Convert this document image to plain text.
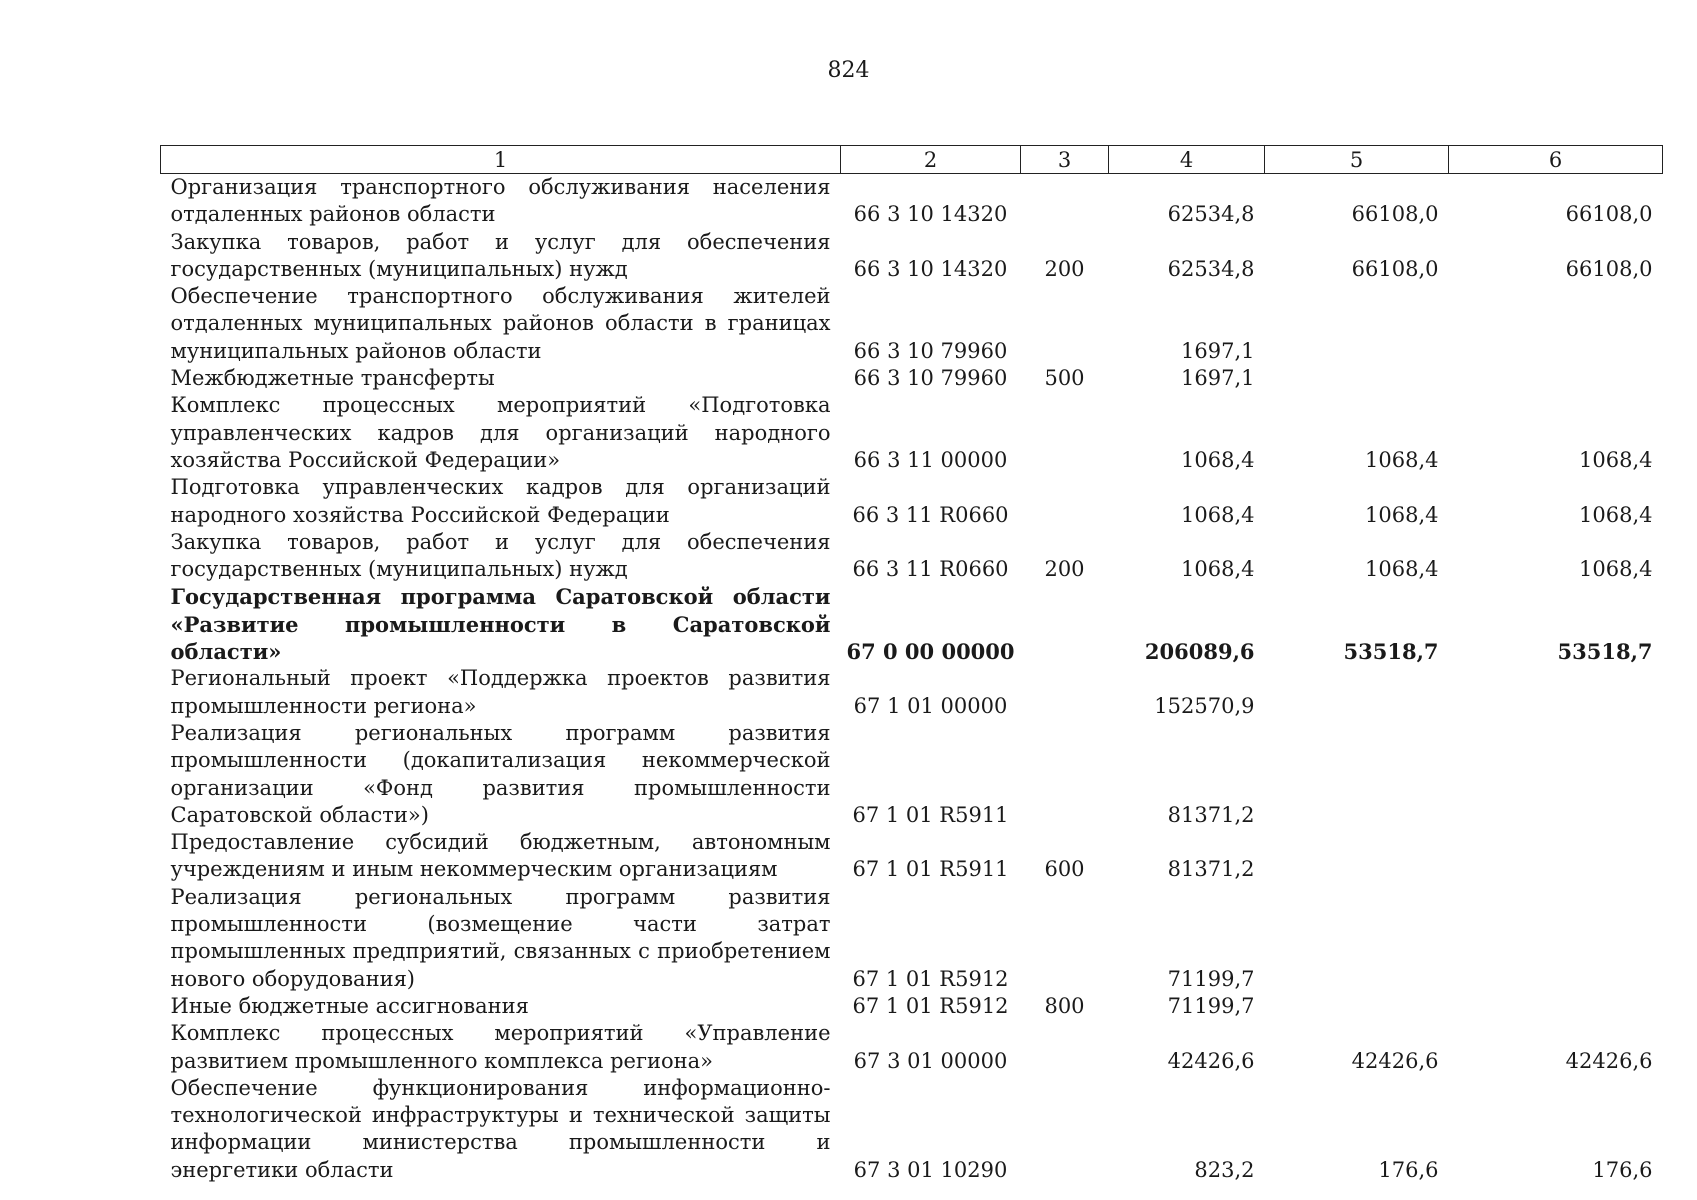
824
1	2	3	4	5	6
Организация транспортного обслуживания населения отдаленных районов области	66 3 10 14320		62534,8	66108,0	66108,0
Закупка товаров, работ и услуг для обеспечения государственных (муниципальных) нужд	66 3 10 14320	200	62534,8	66108,0	66108,0
Обеспечение транспортного обслуживания жителей отдаленных муниципальных районов области в границах муниципальных районов области	66 3 10 79960		1697,1		
Межбюджетные трансферты	66 3 10 79960	500	1697,1		
Комплекс процессных мероприятий «Подготовка управленческих кадров для организаций народного хозяйства Российской Федерации»	66 3 11 00000		1068,4	1068,4	1068,4
Подготовка управленческих кадров для организаций народного хозяйства Российской Федерации	66 3 11 R0660		1068,4	1068,4	1068,4
Закупка товаров, работ и услуг для обеспечения государственных (муниципальных) нужд	66 3 11 R0660	200	1068,4	1068,4	1068,4
Государственная программа Саратовской области «Развитие промышленности в Саратовской области»	67 0 00 00000		206089,6	53518,7	53518,7
Региональный проект «Поддержка проектов развития промышленности региона»	67 1 01 00000		152570,9		
Реализация региональных программ развития промышленности (докапитализация некоммерческой организации «Фонд развития промышленности Саратовской области»)	67 1 01 R5911		81371,2		
Предоставление субсидий бюджетным, автономным учреждениям и иным некоммерческим организациям	67 1 01 R5911	600	81371,2		
Реализация региональных программ развития промышленности (возмещение части затрат промышленных предприятий, связанных с приобретением нового оборудования)	67 1 01 R5912		71199,7		
Иные бюджетные ассигнования	67 1 01 R5912	800	71199,7		
Комплекс процессных мероприятий «Управление развитием промышленного комплекса региона»	67 3 01 00000		42426,6	42426,6	42426,6
Обеспечение функционирования информационно-технологической инфраструктуры и технической защиты информации министерства промышленности и энергетики области	67 3 01 10290		823,2	176,6	176,6
